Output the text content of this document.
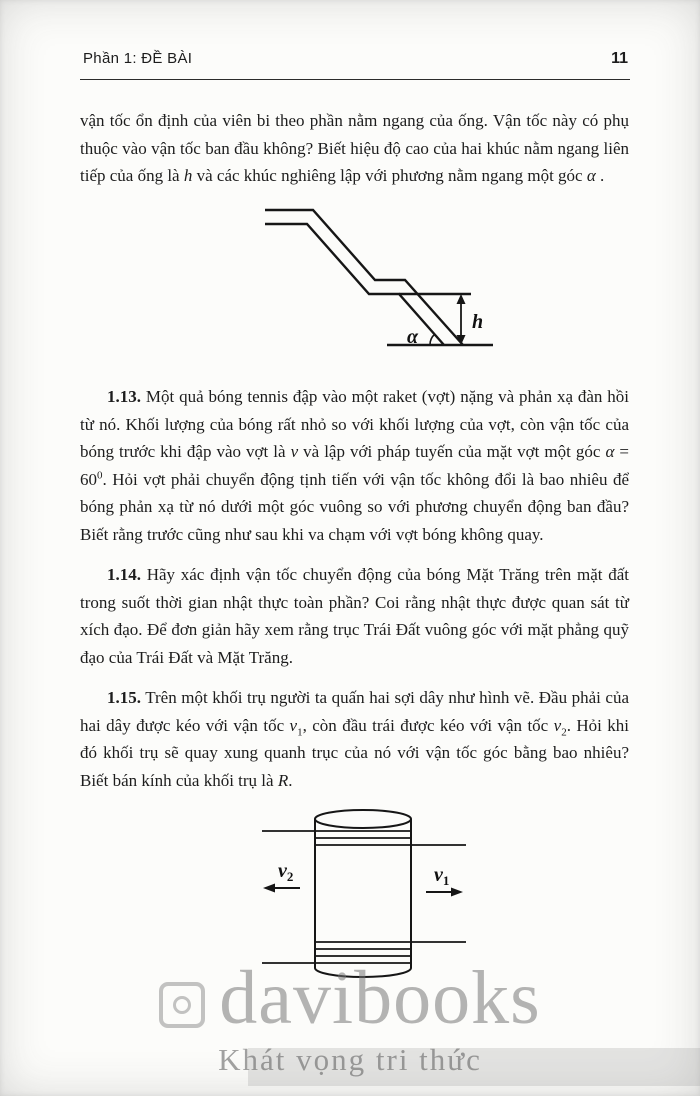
Phần 1: ĐỀ BÀI	11

vận tốc ổn định của viên bi theo phần nằm ngang của ống. Vận tốc này có phụ thuộc vào vận tốc ban đầu không? Biết hiệu độ cao của hai khúc nằm ngang liên tiếp của ống là h và các khúc nghiêng lập với phương nằm ngang một góc α .

h
α

1.13. Một quả bóng tennis đập vào một raket (vợt) nặng và phản xạ đàn hồi từ nó. Khối lượng của bóng rất nhỏ so với khối lượng của vợt, còn vận tốc của bóng trước khi đập vào vợt là v và lập với pháp tuyến của mặt vợt một góc $\alpha = 60^0$. Hỏi vợt phải chuyển động tịnh tiến với vận tốc không đổi là bao nhiêu để bóng phản xạ từ nó dưới một góc vuông so với phương chuyển động ban đầu? Biết rằng trước cũng như sau khi va chạm với vợt bóng không quay.

1.14. Hãy xác định vận tốc chuyển động của bóng Mặt Trăng trên mặt đất trong suốt thời gian nhật thực toàn phần? Coi rằng nhật thực được quan sát từ xích đạo. Để đơn giản hãy xem rằng trục Trái Đất vuông góc với mặt phẳng quỹ đạo của Trái Đất và Mặt Trăng.

1.15. Trên một khối trụ người ta quấn hai sợi dây như hình vẽ. Đầu phải của hai dây được kéo với vận tốc $v_1$, còn đầu trái được kéo với vận tốc $v_2$. Hỏi khi đó khối trụ sẽ quay xung quanh trục của nó với vận tốc góc bằng bao nhiêu? Biết bán kính của khối trụ là R.

$v_2$	$v_1$
davibooks
Khát vọng tri thức
